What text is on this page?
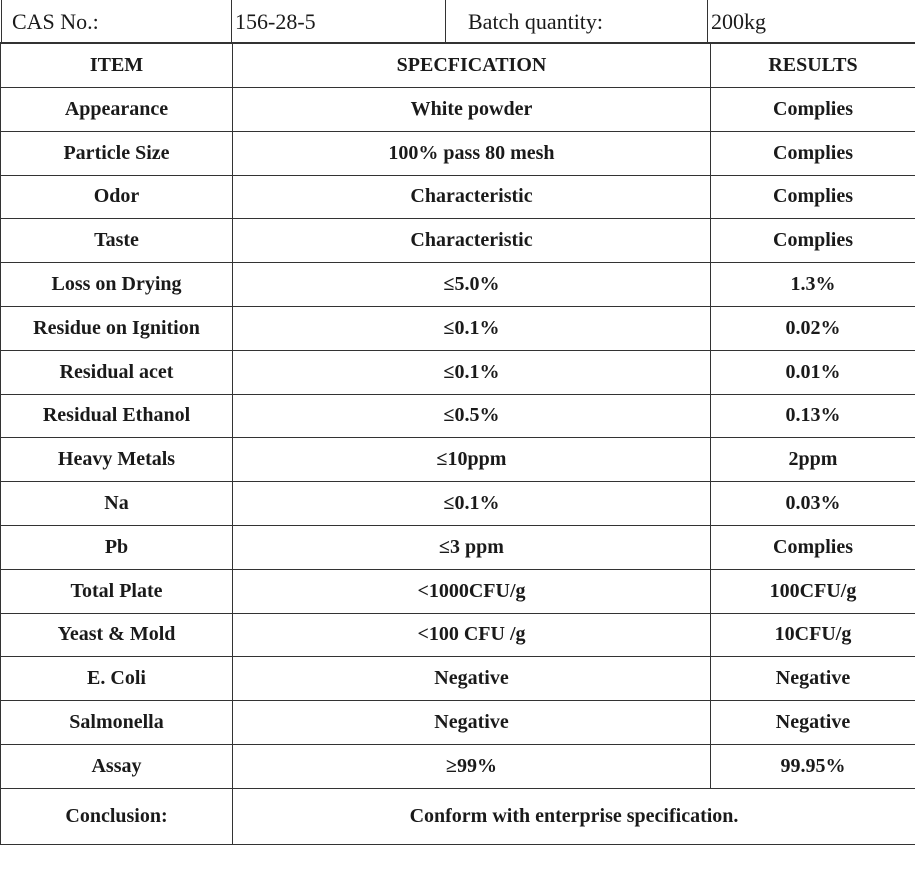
CAS No.:	156-28-5	Batch quantity:	200kg
ITEM	SPECFICATION	RESULTS
Appearance	White powder	Complies
Particle Size	100% pass 80 mesh	Complies
Odor	Characteristic	Complies
Taste	Characteristic	Complies
Loss on Drying	≤5.0%	1.3%
Residue on Ignition	≤0.1%	0.02%
Residual acet	≤0.1%	0.01%
Residual Ethanol	≤0.5%	0.13%
Heavy Metals	≤10ppm	2ppm
Na	≤0.1%	0.03%
Pb	≤3 ppm	Complies
Total Plate	<1000CFU/g	100CFU/g
Yeast & Mold	<100 CFU /g	10CFU/g
E. Coli	Negative	Negative
Salmonella	Negative	Negative
Assay	≥99%	99.95%
Conclusion:	Conform with enterprise specification.	
